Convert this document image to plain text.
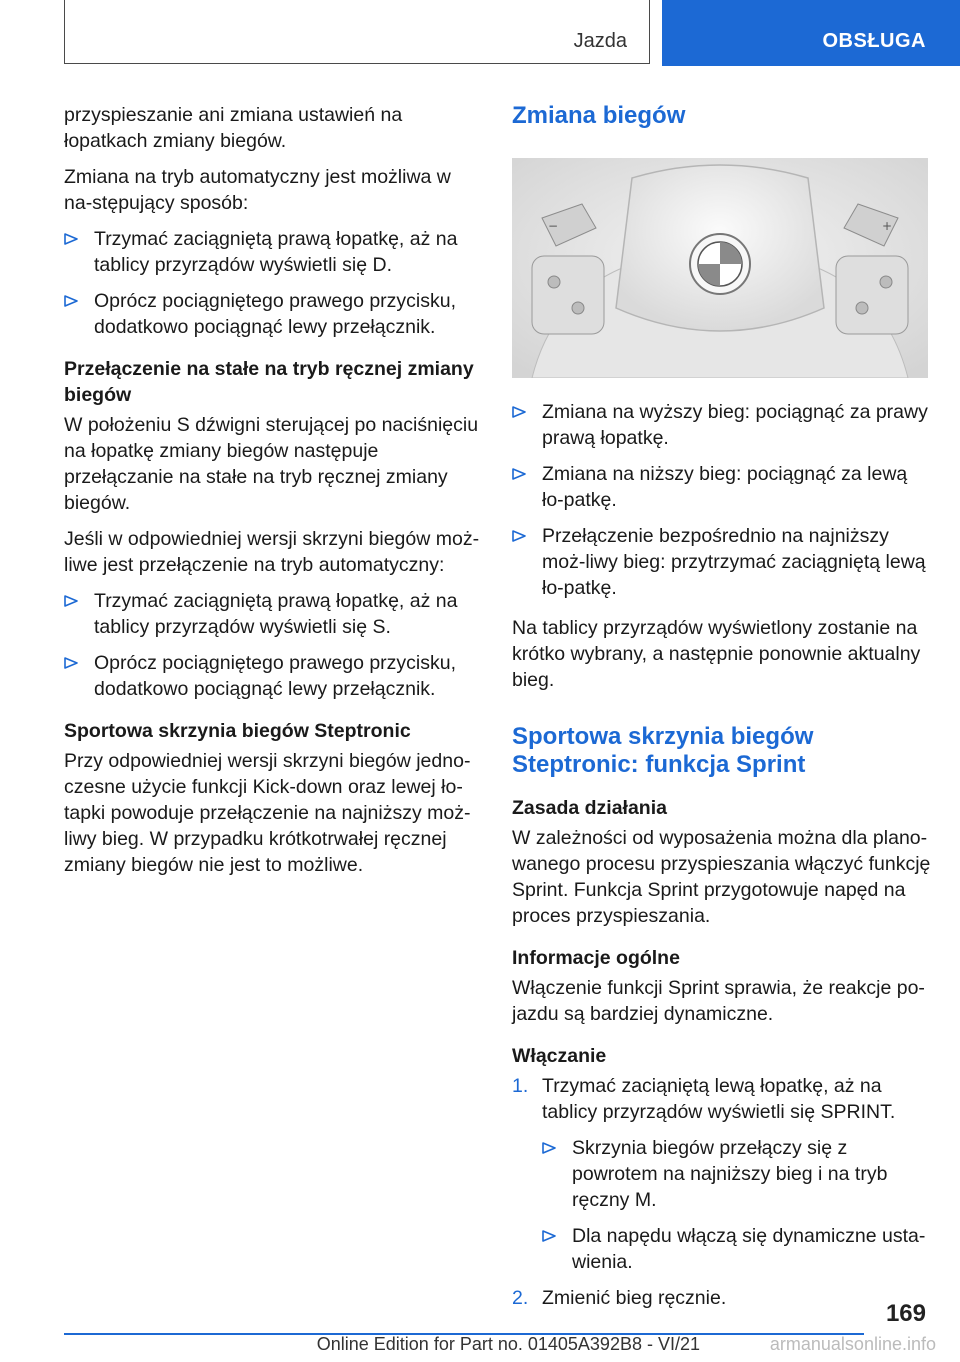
Jazda	OBSŁUGA

przyspieszanie ani zmiana ustawień na łopatkach zmiany biegów.

Zmiana na tryb automatyczny jest możliwa w na-stępujący sposób:

Trzymać zaciągniętą prawą łopatkę, aż na tablicy przyrządów wyświetli się D.
Oprócz pociągniętego prawego przycisku, dodatkowo pociągnąć lewy przełącznik.
Przełączenie na stałe na tryb ręcznej zmiany biegów

W położeniu S dźwigni sterującej po naciśnięciu na łopatkę zmiany biegów następuje przełączanie na stałe na tryb ręcznej zmiany biegów.

Jeśli w odpowiedniej wersji skrzyni biegów moż-liwe jest przełączenie na tryb automatyczny:

Trzymać zaciągniętą prawą łopatkę, aż na tablicy przyrządów wyświetli się S.
Oprócz pociągniętego prawego przycisku, dodatkowo pociągnąć lewy przełącznik.
Sportowa skrzynia biegów Steptronic

Przy odpowiedniej wersji skrzyni biegów jedno-czesne użycie funkcji Kick-down oraz lewej ło-tapki powoduje przełączenie na najniższy moż-liwy bieg. W przypadku krótkotrwałej ręcznej zmiany biegów nie jest to możliwe.

Zmiana biegów
−	+
Zmiana na wyższy bieg: pociągnąć za prawy prawą łopatkę.
Zmiana na niższy bieg: pociągnąć za lewą ło-patkę.
Przełączenie bezpośrednio na najniższy moż-liwy bieg: przytrzymać zaciągniętą lewą ło-patkę.

Na tablicy przyrządów wyświetlony zostanie na krótko wybrany, a następnie ponownie aktualny bieg.

Sportowa skrzynia biegów Steptronic: funkcja Sprint
Zasada działania

W zależności od wyposażenia można dla plano-wanego procesu przyspieszania włączyć funkcję Sprint. Funkcja Sprint przygotowuje napęd na proces przyspieszania.

Informacje ogólne

Włączenie funkcji Sprint sprawia, że reakcje po-jazdu są bardziej dynamiczne.

Włączanie
1. Trzymać zaciąniętą lewą łopatkę, aż na tablicy przyrządów wyświetli się SPRINT.
Skrzynia biegów przełączy się z powrotem na najniższy bieg i na tryb ręczny M.
Dla napędu włączą się dynamiczne usta-wienia.
2. Zmienić bieg ręcznie.
169
Online Edition for Part no. 01405A392B8 - VI/21	armanualsonline.info
